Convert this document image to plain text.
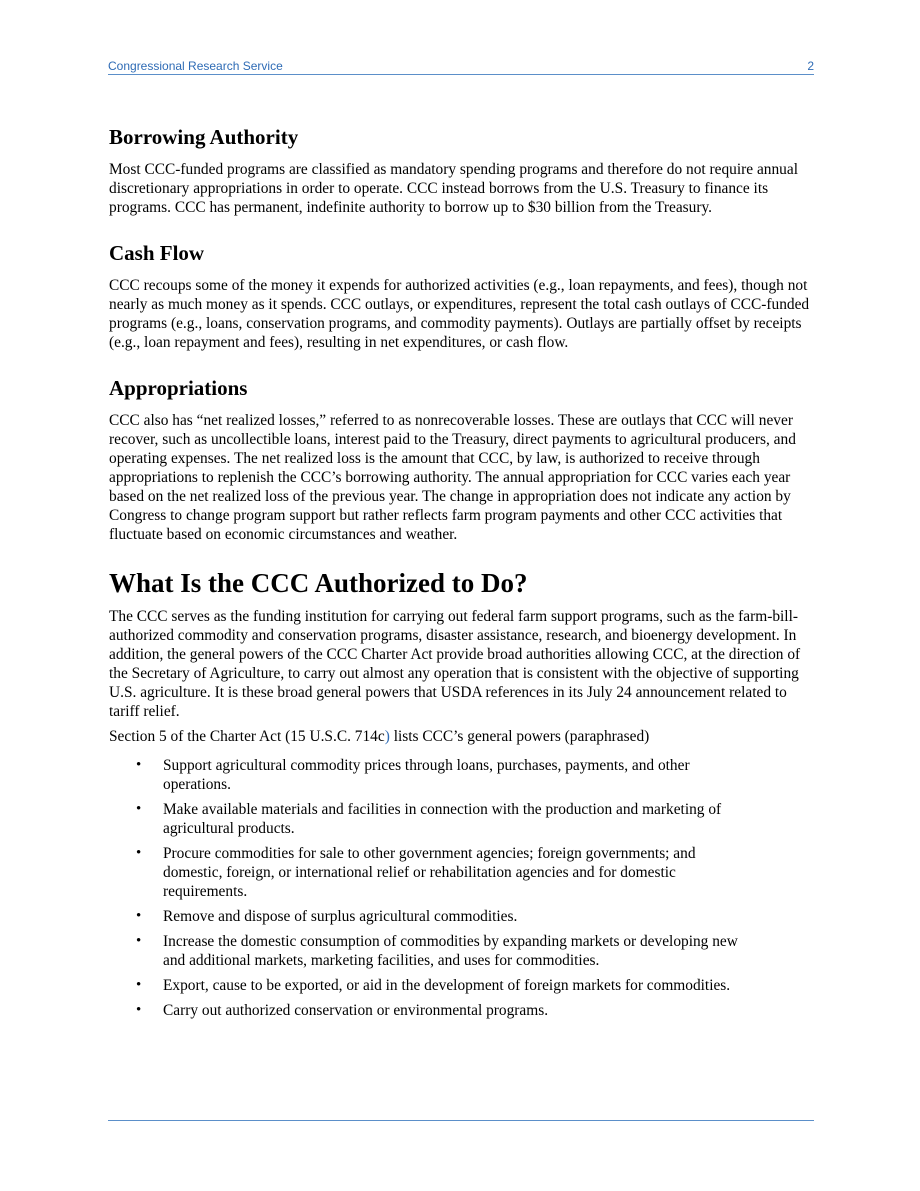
Congressional Research Service	2
Borrowing Authority

Most CCC-funded programs are classified as mandatory spending programs and therefore do not require annual discretionary appropriations in order to operate. CCC instead borrows from the U.S. Treasury to finance its programs. CCC has permanent, indefinite authority to borrow up to $30 billion from the Treasury.

Cash Flow

CCC recoups some of the money it expends for authorized activities (e.g., loan repayments, and fees), though not nearly as much money as it spends. CCC outlays, or expenditures, represent the total cash outlays of CCC-funded programs (e.g., loans, conservation programs, and commodity payments). Outlays are partially offset by receipts (e.g., loan repayment and fees), resulting in net expenditures, or cash flow.

Appropriations

CCC also has “net realized losses,” referred to as nonrecoverable losses. These are outlays that CCC will never recover, such as uncollectible loans, interest paid to the Treasury, direct payments to agricultural producers, and operating expenses. The net realized loss is the amount that CCC, by law, is authorized to receive through appropriations to replenish the CCC’s borrowing authority. The annual appropriation for CCC varies each year based on the net realized loss of the previous year. The change in appropriation does not indicate any action by Congress to change program support but rather reflects farm program payments and other CCC activities that fluctuate based on economic circumstances and weather.

What Is the CCC Authorized to Do?

The CCC serves as the funding institution for carrying out federal farm support programs, such as the farm-bill-authorized commodity and conservation programs, disaster assistance, research, and bioenergy development. In addition, the general powers of the CCC Charter Act provide broad authorities allowing CCC, at the direction of the Secretary of Agriculture, to carry out almost any operation that is consistent with the objective of supporting U.S. agriculture. It is these broad general powers that USDA references in its July 24 announcement related to tariff relief.

Section 5 of the Charter Act (15 U.S.C. 714c) lists CCC’s general powers (paraphrased)

• Support agricultural commodity prices through loans, purchases, payments, and other operations.
• Make available materials and facilities in connection with the production and marketing of agricultural products.
• Procure commodities for sale to other government agencies; foreign governments; and domestic, foreign, or international relief or rehabilitation agencies and for domestic requirements.
• Remove and dispose of surplus agricultural commodities.
• Increase the domestic consumption of commodities by expanding markets or developing new and additional markets, marketing facilities, and uses for commodities.
• Export, cause to be exported, or aid in the development of foreign markets for commodities.
• Carry out authorized conservation or environmental programs.
